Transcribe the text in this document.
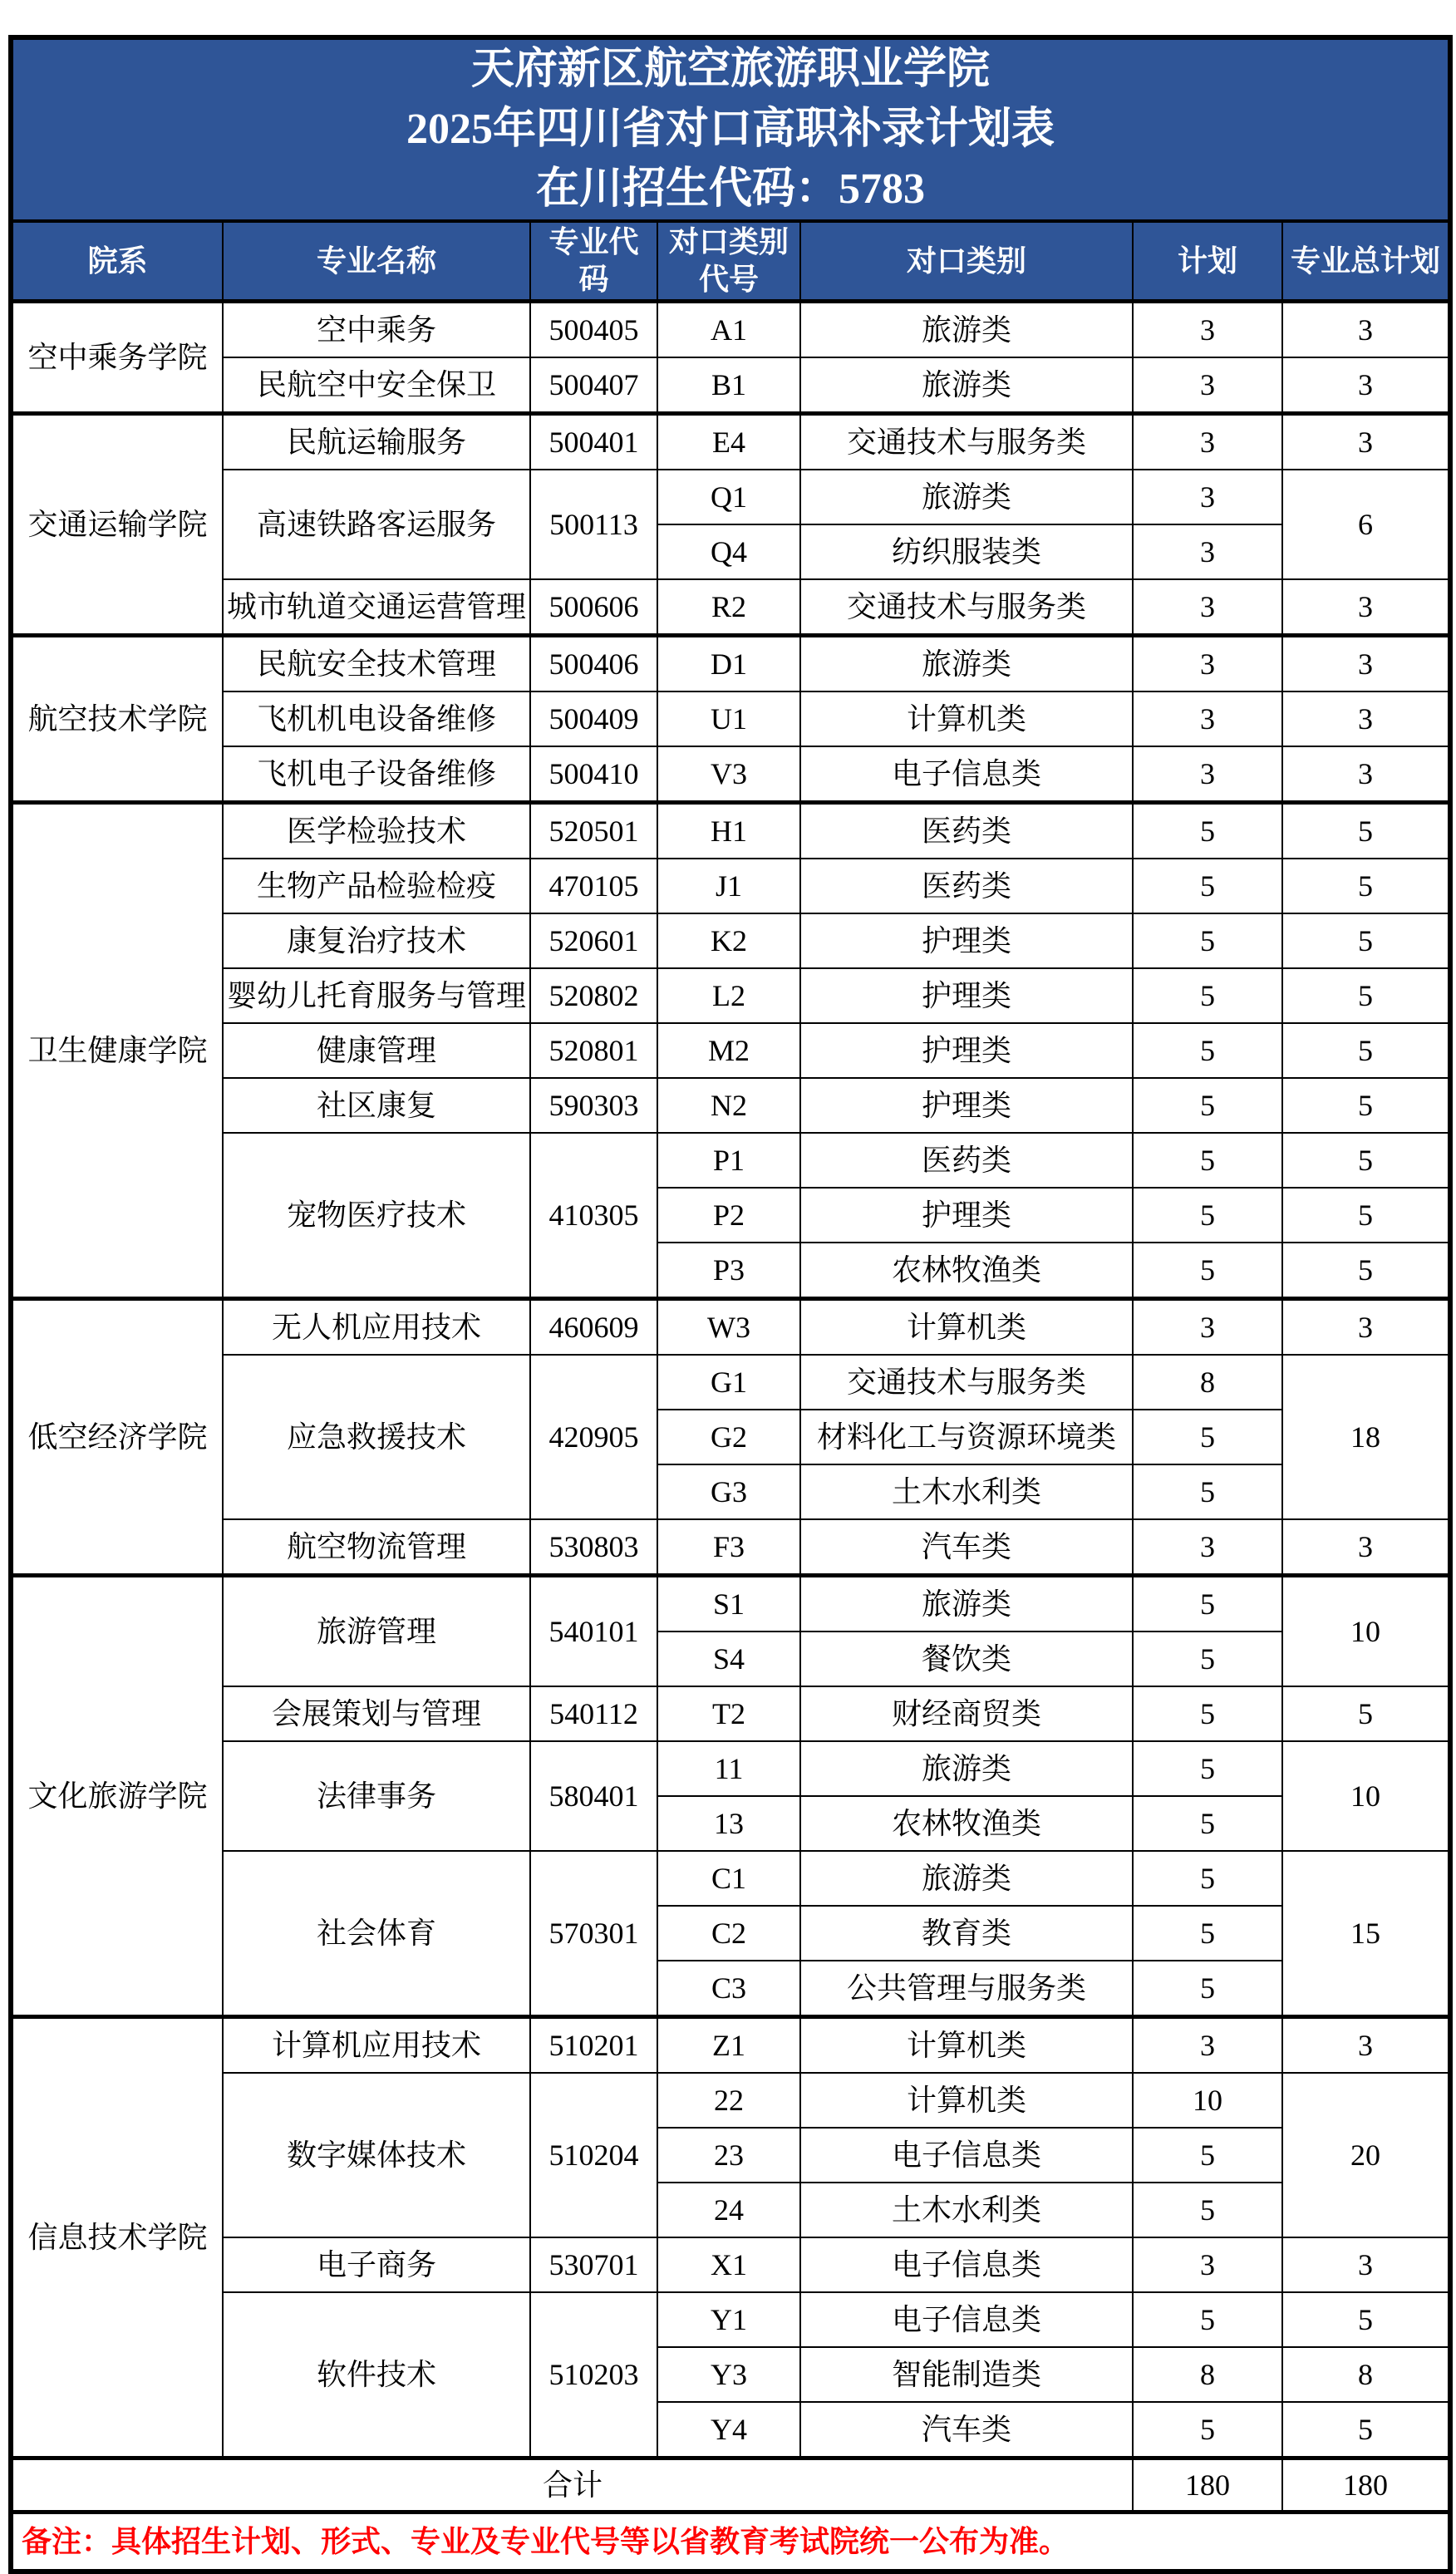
天府新区航空旅游职业学院
2025年四川省对口高职补录计划表
在川招生代码：5783						

院系	专业名称	专业代码	对口类别代号	对口类别	计划	专业总计划
空中乘务学院	空中乘务	500405	A1	旅游类	3	3
	民航空中安全保卫	500407	B1	旅游类	3	3
交通运输学院	民航运输服务	500401	E4	交通技术与服务类	3	3
	高速铁路客运服务	500113	Q1	旅游类	3	6
			Q4	纺织服装类	3	
	城市轨道交通运营管理	500606	R2	交通技术与服务类	3	3
航空技术学院	民航安全技术管理	500406	D1	旅游类	3	3
	飞机机电设备维修	500409	U1	计算机类	3	3
	飞机电子设备维修	500410	V3	电子信息类	3	3
卫生健康学院	医学检验技术	520501	H1	医药类	5	5
	生物产品检验检疫	470105	J1	医药类	5	5
	康复治疗技术	520601	K2	护理类	5	5
	婴幼儿托育服务与管理	520802	L2	护理类	5	5
	健康管理	520801	M2	护理类	5	5
	社区康复	590303	N2	护理类	5	5
	宠物医疗技术	410305	P1	医药类	5	5
			P2	护理类	5	5
			P3	农林牧渔类	5	5
低空经济学院	无人机应用技术	460609	W3	计算机类	3	3
	应急救援技术	420905	G1	交通技术与服务类	8	18
			G2	材料化工与资源环境类	5	
			G3	土木水利类	5	
	航空物流管理	530803	F3	汽车类	3	3
文化旅游学院	旅游管理	540101	S1	旅游类	5	10
			S4	餐饮类	5	
	会展策划与管理	540112	T2	财经商贸类	5	5
	法律事务	580401	11	旅游类	5	10
			13	农林牧渔类	5	
	社会体育	570301	C1	旅游类	5	15
			C2	教育类	5	
			C3	公共管理与服务类	5	
信息技术学院	计算机应用技术	510201	Z1	计算机类	3	3
	数字媒体技术	510204	22	计算机类	10	20
			23	电子信息类	5	
			24	土木水利类	5	
	电子商务	530701	X1	电子信息类	3	3
	软件技术	510203	Y1	电子信息类	5	5
			Y3	智能制造类	8	8
			Y4	汽车类	5	5
合计					180	180
备注：具体招生计划、形式、专业及专业代号等以省教育考试院统一公布为准。						
